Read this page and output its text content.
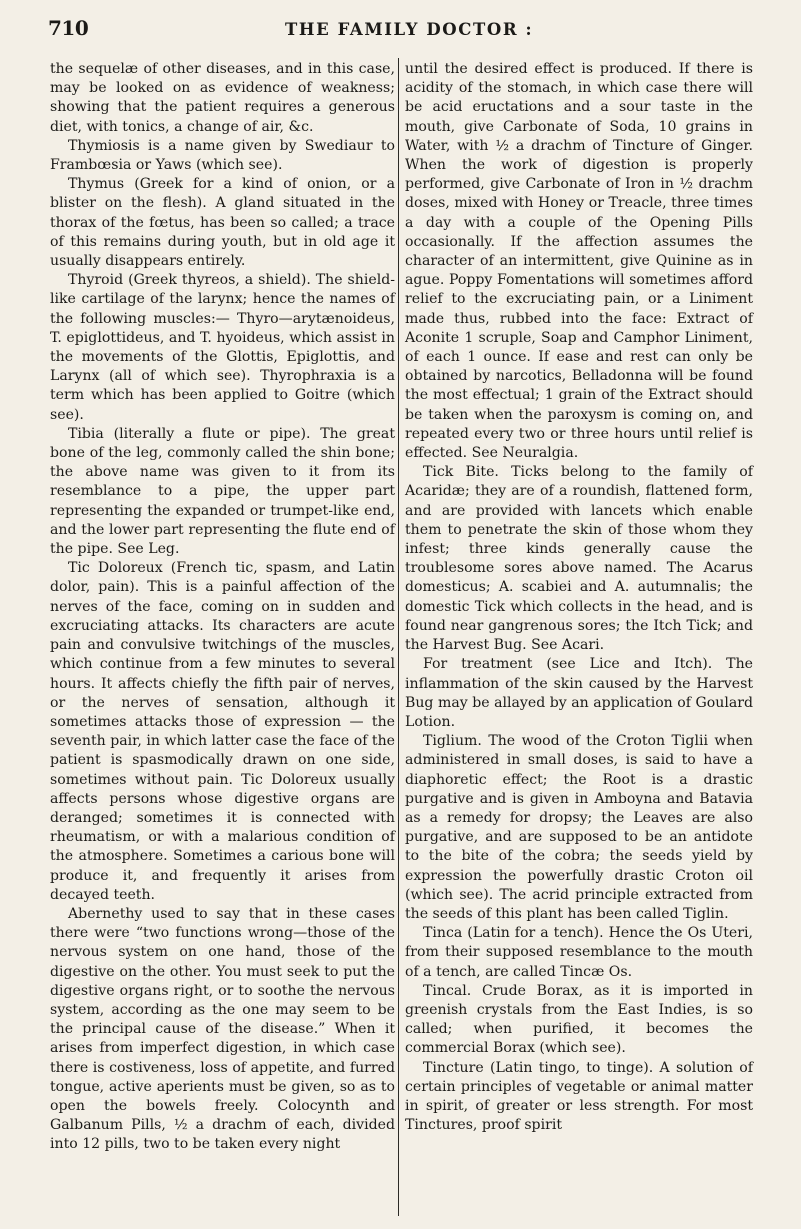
710	THE FAMILY DOCTOR :

the sequelæ of other diseases, and in this case, may be looked on as evidence of weakness; showing that the patient requires a generous diet, with tonics, a change of air, &c.

Thymiosis is a name given by Swediaur to Frambœsia or Yaws (which see).

Thymus (Greek for a kind of onion, or a blister on the flesh). A gland situated in the thorax of the fœtus, has been so called; a trace of this remains during youth, but in old age it usually disappears entirely.

Thyroid (Greek thyreos, a shield). The shield-like cartilage of the larynx; hence the names of the following muscles:— Thyro—arytænoideus, T. epiglottideus, and T. hyoideus, which assist in the movements of the Glottis, Epiglottis, and Larynx (all of which see). Thyrophraxia is a term which has been applied to Goitre (which see).

Tibia (literally a flute or pipe). The great bone of the leg, commonly called the shin bone; the above name was given to it from its resemblance to a pipe, the upper part representing the expanded or trumpet-like end, and the lower part representing the flute end of the pipe. See Leg.

Tic Doloreux (French tic, spasm, and Latin dolor, pain). This is a painful affection of the nerves of the face, coming on in sudden and excruciating attacks. Its characters are acute pain and convulsive twitchings of the muscles, which continue from a few minutes to several hours. It affects chiefly the fifth pair of nerves, or the nerves of sensation, although it sometimes attacks those of expression — the seventh pair, in which latter case the face of the patient is spasmodically drawn on one side, sometimes without pain. Tic Doloreux usually affects persons whose digestive organs are deranged; sometimes it is connected with rheumatism, or with a malarious condition of the atmosphere. Sometimes a carious bone will produce it, and frequently it arises from decayed teeth.

Abernethy used to say that in these cases there were “two functions wrong—those of the nervous system on one hand, those of the digestive on the other. You must seek to put the digestive organs right, or to soothe the nervous system, according as the one may seem to be the principal cause of the disease.” When it arises from imperfect digestion, in which case there is costiveness, loss of appetite, and furred tongue, active aperients must be given, so as to open the bowels freely. Colocynth and Galbanum Pills, ½ a drachm of each, divided into 12 pills, two to be taken every night

until the desired effect is produced. If there is acidity of the stomach, in which case there will be acid eructations and a sour taste in the mouth, give Carbonate of Soda, 10 grains in Water, with ½ a drachm of Tincture of Ginger. When the work of digestion is properly performed, give Carbonate of Iron in ½ drachm doses, mixed with Honey or Treacle, three times a day with a couple of the Opening Pills occasionally. If the affection assumes the character of an intermittent, give Quinine as in ague. Poppy Fomentations will sometimes afford relief to the excruciating pain, or a Liniment made thus, rubbed into the face: Extract of Aconite 1 scruple, Soap and Camphor Liniment, of each 1 ounce. If ease and rest can only be obtained by narcotics, Belladonna will be found the most effectual; 1 grain of the Extract should be taken when the paroxysm is coming on, and repeated every two or three hours until relief is effected. See Neuralgia.

Tick Bite. Ticks belong to the family of Acaridæ; they are of a roundish, flattened form, and are provided with lancets which enable them to penetrate the skin of those whom they infest; three kinds generally cause the troublesome sores above named. The Acarus domesticus; A. scabiei and A. autumnalis; the domestic Tick which collects in the head, and is found near gangrenous sores; the Itch Tick; and the Harvest Bug. See Acari.

For treatment (see Lice and Itch). The inflammation of the skin caused by the Harvest Bug may be allayed by an application of Goulard Lotion.

Tiglium. The wood of the Croton Tiglii when administered in small doses, is said to have a diaphoretic effect; the Root is a drastic purgative and is given in Amboyna and Batavia as a remedy for dropsy; the Leaves are also purgative, and are supposed to be an antidote to the bite of the cobra; the seeds yield by expression the powerfully drastic Croton oil (which see). The acrid principle extracted from the seeds of this plant has been called Tiglin.

Tinca (Latin for a tench). Hence the Os Uteri, from their supposed resemblance to the mouth of a tench, are called Tincæ Os.

Tincal. Crude Borax, as it is imported in greenish crystals from the East Indies, is so called; when purified, it becomes the commercial Borax (which see).

Tincture (Latin tingo, to tinge). A solution of certain principles of vegetable or animal matter in spirit, of greater or less strength. For most Tinctures, proof spirit
